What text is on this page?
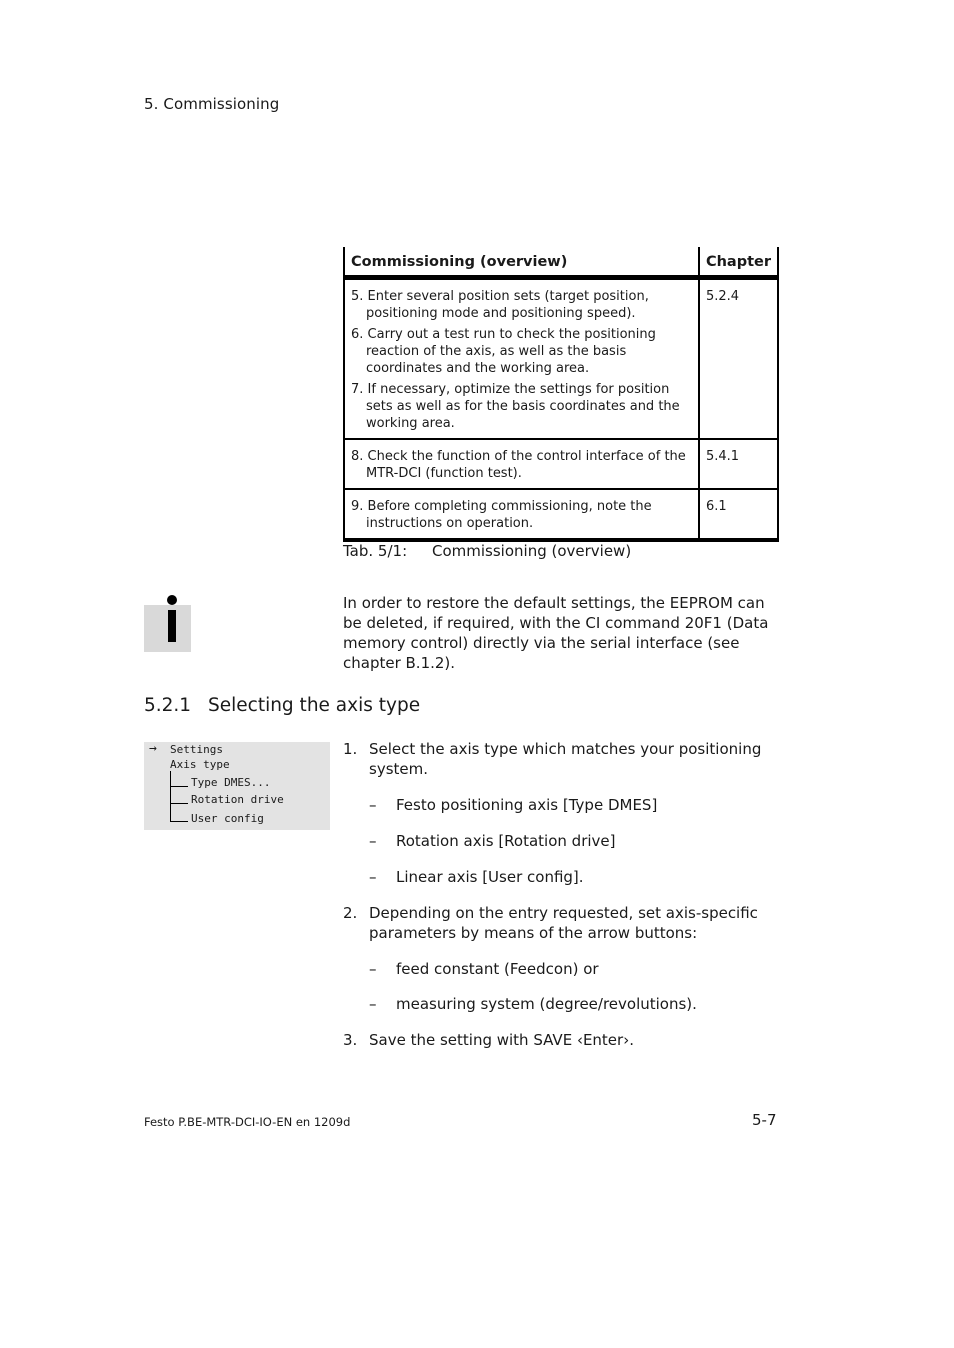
5. Commissioning
Commissioning (overview)	Chapter

5. Enter several position sets (target position, positioning mode and positioning speed).

6. Carry out a test run to check the positioning reaction of the axis, as well as the basis coordinates and the working area.

7. If necessary, optimize the settings for position sets as well as for the basis coordinates and the working area.	5.2.4

8. Check the function of the control interface of the MTR-DCI (function test).	5.4.1

9. Before completing commissioning, note the instructions on operation.	6.1
Tab. 5/1: Commissioning (overview)
In order to restore the default settings, the EEPROM can be deleted, if required, with the CI command 20F1 (Data memory control) directly via the serial interface (see chapter B.1.2).
5.2.1 Selecting the axis type
→ Settings
Axis type
Type DMES...
Rotation drive
User config
1. Select the axis type which matches your positioning system.
– Festo positioning axis [Type DMES]
– Rotation axis [Rotation drive]
– Linear axis [User config].
2. Depending on the entry requested, set axis-specific parameters by means of the arrow buttons:
– feed constant (Feedcon) or
– measuring system (degree/revolutions).
3. Save the setting with SAVE ‹Enter›.
Festo P.BE-MTR-DCI-IO-EN en 1209d	5-7
